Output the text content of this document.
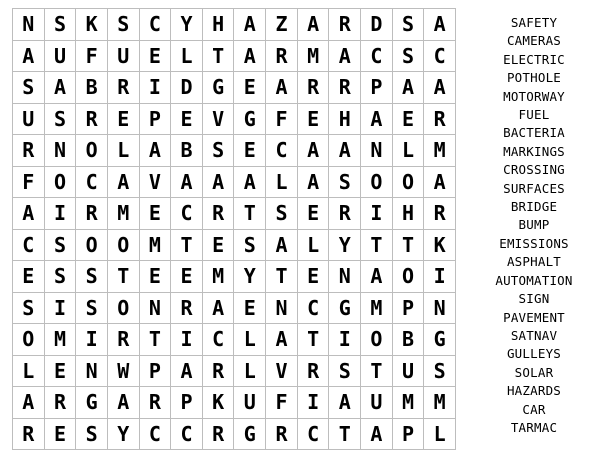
N S K S C Y H A Z A R D S A
A U F U E L T A R M A C S C
S A B R I D G E A R R P A A
U S R E P E V G F E H A E R
R N O L A B S E C A A N L M
F O C A V A A A L A S O O A
A I R M E C R T S E R I H R
C S O O M T E S A L Y T T K
E S S T E E M Y T E N A O I
S I S O N R A E N C G M P N
O M I R T I C L A T I O B G
L E N W P A R L V R S T U S
A R G A R P K U F I A U M M
R E S Y C C R G R C T A P L
SAFETY
CAMERAS
ELECTRIC
POTHOLE
MOTORWAY
FUEL
BACTERIA
MARKINGS
CROSSING
SURFACES
BRIDGE
BUMP
EMISSIONS
ASPHALT
AUTOMATION
SIGN
PAVEMENT
SATNAV
GULLEYS
SOLAR
HAZARDS
CAR
TARMAC
